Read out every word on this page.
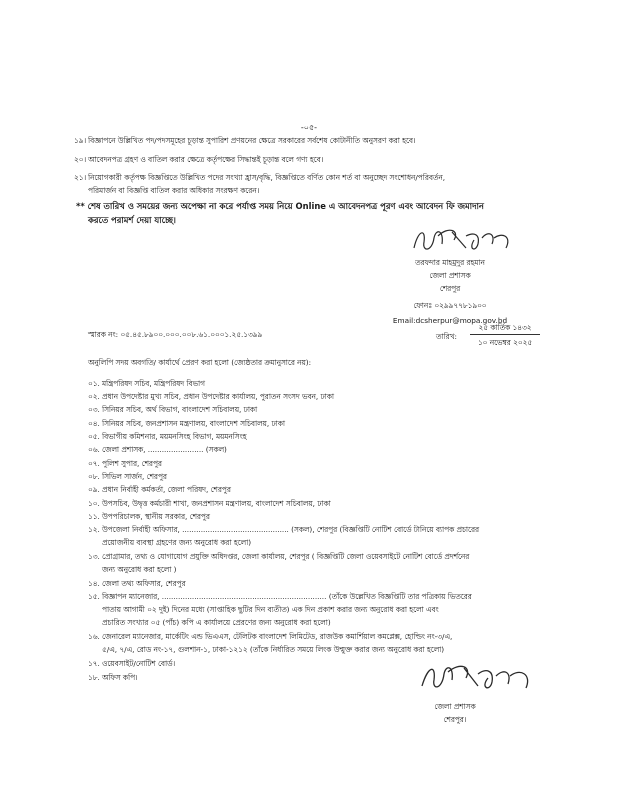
-০৫-
১৯। বিজ্ঞাপনে উল্লিখিত পদ/পদসমূহের চূড়ান্ত সুপারিশ প্রণয়নের ক্ষেত্রে সরকারের সর্বশেষ কোটানীতি অনুসরণ করা হবে।
২০। আবেদনপত্র গ্রহণ ও বাতিল করার ক্ষেত্রে কর্তৃপক্ষের সিদ্ধান্তই চূড়ান্ত বলে গণ্য হবে।
২১। নিয়োগকারী কর্তৃপক্ষ বিজ্ঞপ্তিতে উল্লিখিত পদের সংখ্যা হ্রাস/বৃদ্ধি, বিজ্ঞপ্তিতে বর্ণিত কোন শর্ত বা অনুচ্ছেদ সংশোধন/পরিবর্তন,
পরিমার্জন বা বিজ্ঞপ্তি বাতিল করার অধিকার সংরক্ষণ করেন।
** শেষ তারিখ ও সময়ের জন্য অপেক্ষা না করে পর্যাপ্ত সময় নিয়ে Online এ আবেদনপত্র পূরণ এবং আবেদন ফি জমাদান
করতে পরামর্শ দেয়া যাচ্ছে।
তরফদার মাহমুদুর রহমান
জেলা প্রশাসক
শেরপুর
ফোনঃ ০২৯৯৭৭৮১৯০০
Email:dcsherpur@mopa.gov.bd
স্মারক নং: ০৫.৪৫.৮৯০০.০০০.০০৮.৬১.০০০১.২৫.১৩৯৯	তারিখ:
২৫ কার্তিক ১৪৩২
১০ নভেম্বর ২০২৫
অনুলিপি সদয় অবগতি/ কার্যার্থে প্রেরণ করা হলো (জ্যেষ্ঠতার ক্রমানুসারে নয়):
০১. মন্ত্রিপরিষদ সচিব, মন্ত্রিপরিষদ বিভাগ
০২. প্রধান উপদেষ্টার মুখ্য সচিব, প্রধান উপদেষ্টার কার্যালয়, পুরাতন সংসদ ভবন, ঢাকা
০৩. সিনিয়র সচিব, অর্থ বিভাগ, বাংলাদেশ সচিবালয়, ঢাকা
০৪. সিনিয়র সচিব, জনপ্রশাসন মন্ত্রণালয়, বাংলাদেশ সচিবালয়, ঢাকা
০৫. বিভাগীয় কমিশনার, ময়মনসিংহ বিভাগ, ময়মনসিংহ
০৬. জেলা প্রশাসক, ........................ (সকল)
০৭. পুলিশ সুপার, শেরপুর
০৮. সিভিল সার্জন, শেরপুর
০৯. প্রধান নির্বাহী কর্মকর্তা, জেলা পরিষদ, শেরপুর
১০. উপসচিব, উদ্বৃত্ত কর্মচারী শাখা, জনপ্রশাসন মন্ত্রণালয়, বাংলাদেশ সচিবালয়, ঢাকা
১১. উপপরিচালক, স্থানীয় সরকার, শেরপুর
১২. উপজেলা নির্বাহী অফিসার, .............................................. (সকল), শেরপুর (বিজ্ঞপ্তিটি নোটিশ বোর্ডে টানিয়ে ব্যাপক প্রচারের
প্রয়োজনীয় ব্যবস্থা গ্রহণের জন্য অনুরোধ করা হলো)
১৩. প্রোগ্রামার, তথ্য ও যোগাযোগ প্রযুক্তি অধিদপ্তর, জেলা কার্যালয়, শেরপুর ( বিজ্ঞপ্তিটি জেলা ওয়েবসাইটে নোটিশ বোর্ডে প্রদর্শনের
জন্য অনুরোধ করা হলো )
১৪. জেলা তথ্য অফিসার, শেরপুর
১৫. বিজ্ঞাপন ম্যানেজার, ....................................................................... (তাঁকে উল্লেখিত বিজ্ঞপ্তিটি তার পত্রিকায় ভিতরের
পাতায় আগামী ০২ দুই) দিনের মধ্যে (সাপ্তাহিক ছুটির দিন ব্যতীত) এক দিন প্রকাশ করার জন্য অনুরোধ করা হলো এবং
প্রচারিত সংখ্যার ০৫ (পাঁচ) কপি এ কার্যালয়ে প্রেরণের জন্য অনুরোধ করা হলো)
১৬. জেনারেল ম্যানেজার, মার্কেটিং এন্ড ভিএএস, টেলিটক বাংলাদেশ লিমিটেড, রাজউক কমার্শিয়াল কমপ্লেক্স, হোল্ডিং নং-৩/এ,
৫/এ, ৭/এ, রোড নং-১৭, গুলশান-১, ঢাকা-১২১২ (তাঁকে নির্ধারিত সময়ে লিংক উন্মুক্ত করার জন্য অনুরোধ করা হলো)
১৭. ওয়েবসাইট/নোটিশ বোর্ড।
১৮. অফিস কপি।
জেলা প্রশাসক
শেরপুর।
